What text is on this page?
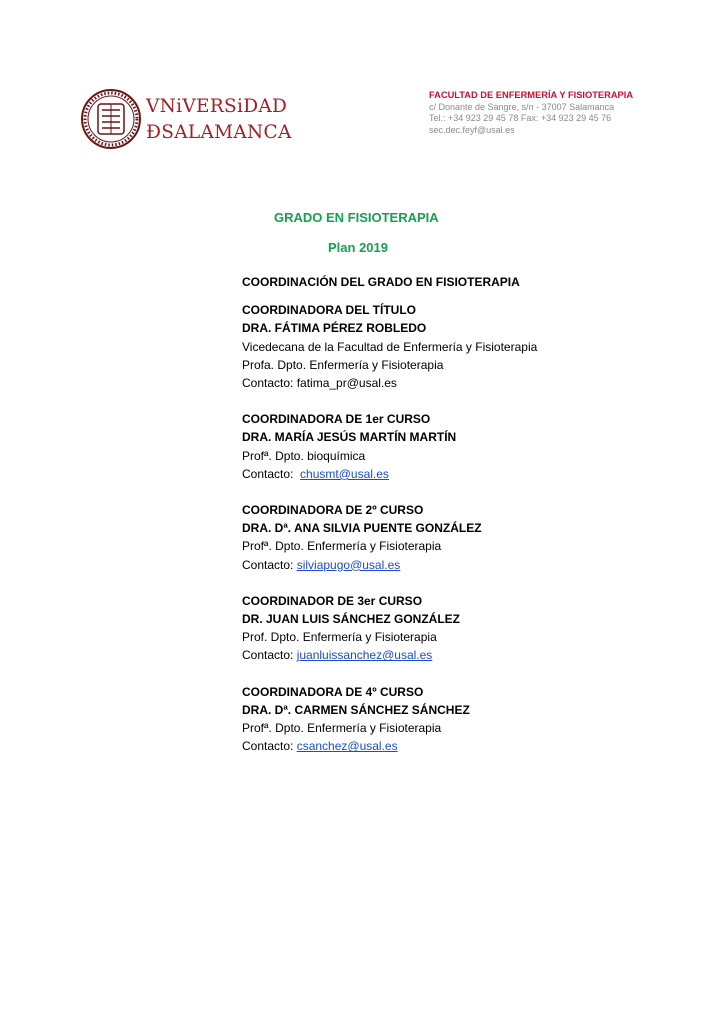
VNiVERSiDAD
ÐSALAMANCA
FACULTAD DE ENFERMERÍA Y FISIOTERAPIA
c/ Donante de Sangre, s/n - 37007 Salamanca
Tel.: +34 923 29 45 78 Fax: +34 923 29 45 76
sec.dec.feyf@usal.es
GRADO EN FISIOTERAPIA
Plan 2019
COORDINACIÓN DEL GRADO EN FISIOTERAPIA
COORDINADORA DEL TÍTULO
DRA. FÁTIMA PÉREZ ROBLEDO
Vicedecana de la Facultad de Enfermería y Fisioterapia
Profa. Dpto. Enfermería y Fisioterapia
Contacto: fatima_pr@usal.es
COORDINADORA DE 1er CURSO
DRA. MARÍA JESÚS MARTÍN MARTÍN
Profª. Dpto. bioquímica
Contacto:  chusmt@usal.es
COORDINADORA DE 2º CURSO
DRA. Dª. ANA SILVIA PUENTE GONZÁLEZ
Profª. Dpto. Enfermería y Fisioterapia
Contacto: silviapugo@usal.es
COORDINADOR DE 3er CURSO
DR. JUAN LUIS SÁNCHEZ GONZÁLEZ
Prof. Dpto. Enfermería y Fisioterapia
Contacto: juanluissanchez@usal.es
COORDINADORA DE 4º CURSO
DRA. Dª. CARMEN SÁNCHEZ SÁNCHEZ
Profª. Dpto. Enfermería y Fisioterapia
Contacto: csanchez@usal.es
